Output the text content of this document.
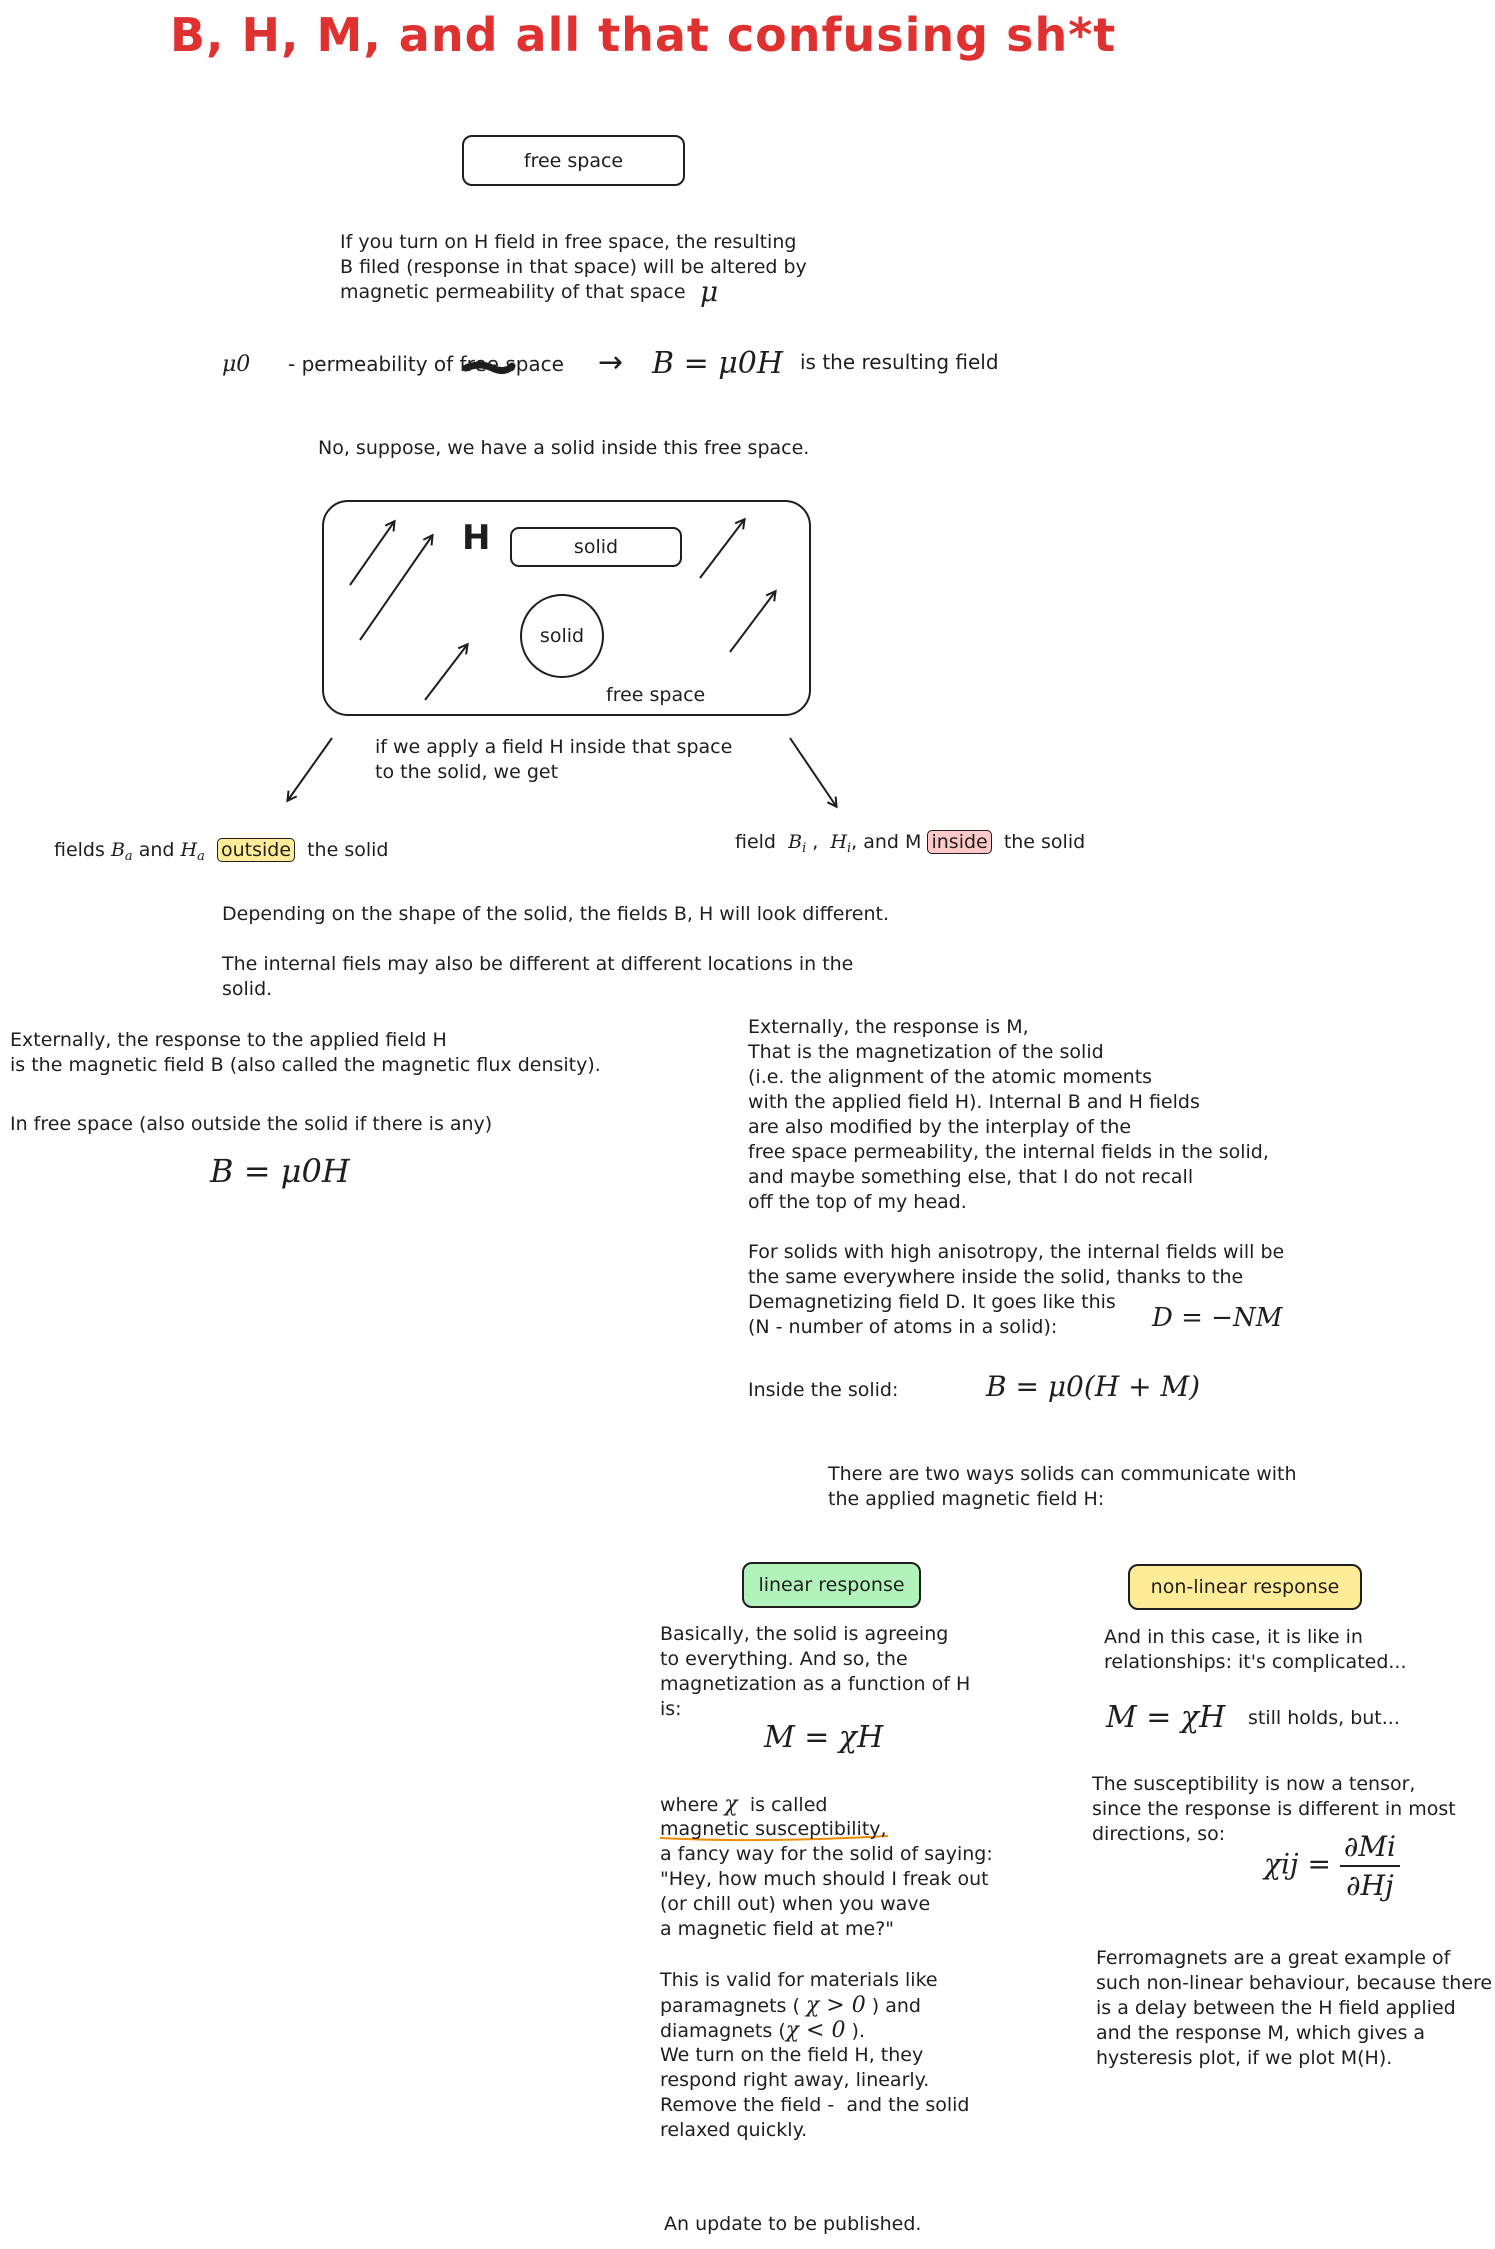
B, H, M, and all that confusing sh*t
free space
If you turn on H field in free space, the resulting
B filed (response in that space) will be altered by
magnetic permeability of that space μ
μ0 - permeability of free space → B = μ0H is the resulting field
No, suppose, we have a solid inside this free space.
H	solid
solid
free space
if we apply a field H inside that space
to the solid, we get
fields $B_a$ and $H_a$ outside the solid	field $B_i$ ,  $H_i$, and M inside the solid
Depending on the shape of the solid, the fields B, H will look different.
The internal fiels may also be different at different locations in the
solid.
Externally, the response to the applied field H
is the magnetic field B (also called the magnetic flux density).
In free space (also outside the solid if there is any)
B = μ0H
Externally, the response is M,
That is the magnetization of the solid
(i.e. the alignment of the atomic moments
with the applied field H). Internal B and H fields
are also modified by the interplay of the
free space permeability, the internal fields in the solid,
and maybe something else, that I do not recall
off the top of my head.
For solids with high anisotropy, the internal fields will be
the same everywhere inside the solid, thanks to the
Demagnetizing field D. It goes like this
(N - number of atoms in a solid):	D = −NM
Inside the solid:	B = μ0(H + M)
There are two ways solids can communicate with
the applied magnetic field H:
linear response
Basically, the solid is agreeing
to everything. And so, the
magnetization as a function of H
is:
M = χH
where χ is called
magnetic susceptibility,
a fancy way for the solid of saying:
"Hey, how much should I freak out
(or chill out) when you wave
a magnetic field at me?"
This is valid for materials like
paramagnets ( χ > 0 ) and
diamagnets (χ < 0 ).
We turn on the field H, they
respond right away, linearly.
Remove the field -  and the solid
relaxed quickly.
non-linear response
And in this case, it is like in
relationships: it's complicated...
M = χH still holds, but...
The susceptibility is now a tensor,
since the response is different in most
directions, so:
$\chi ij = \frac{\partial Mi}{\partial Hj}$
Ferromagnets are a great example of
such non-linear behaviour, because there
is a delay between the H field applied
and the response M, which gives a
hysteresis plot, if we plot M(H).
An update to be published.
